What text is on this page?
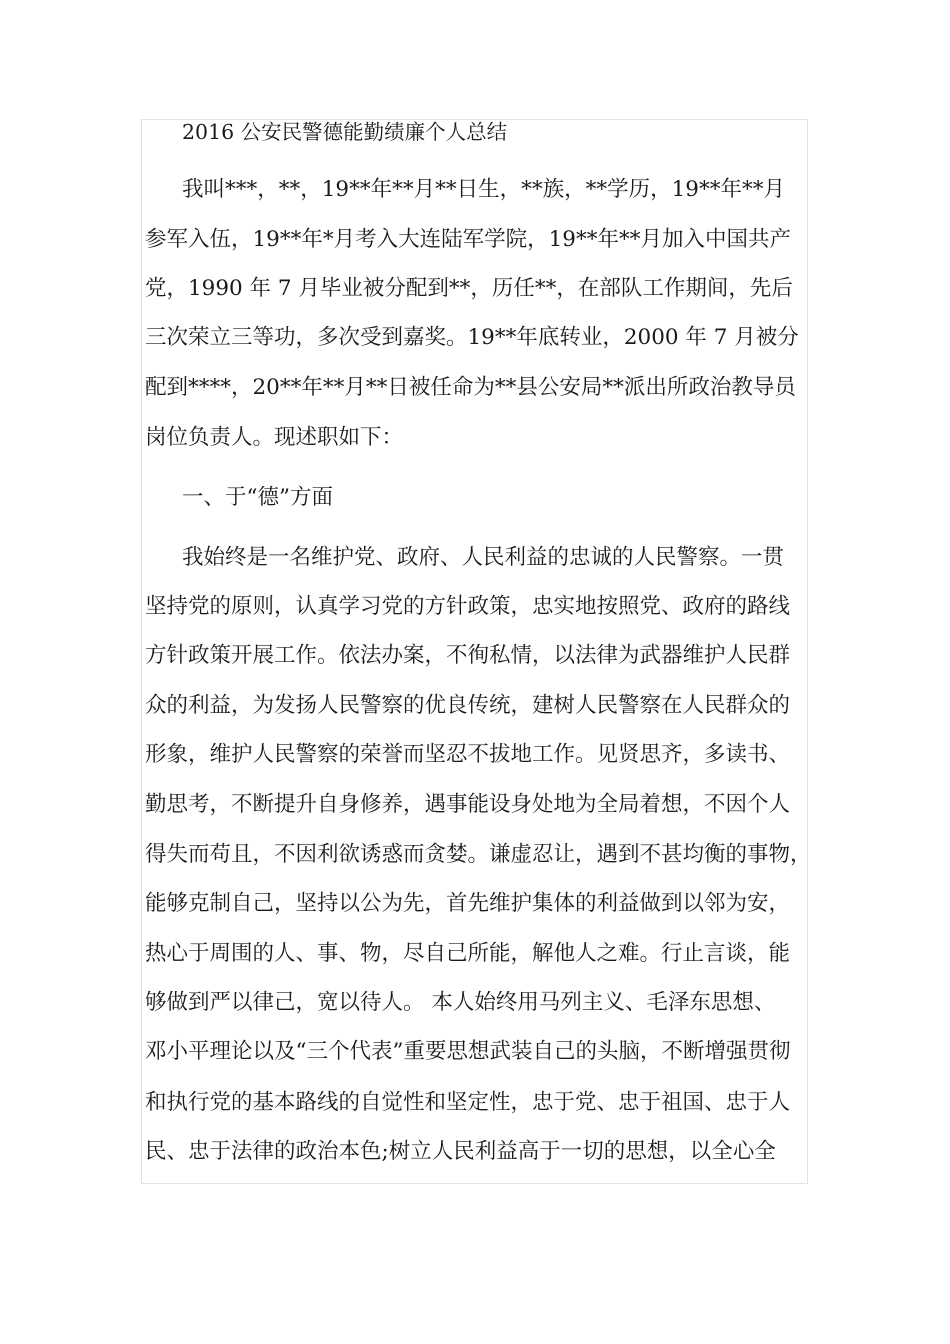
2016 公安民警德能勤绩廉个人总结
我叫***，**，19**年**月**日生，**族，**学历，19**年**月
参军入伍，19**年*月考入大连陆军学院，19**年**月加入中国共产
党，1990 年 7 月毕业被分配到**，历任**，在部队工作期间，先后
三次荣立三等功，多次受到嘉奖。19**年底转业，2000 年 7 月被分
配到****，20**年**月**日被任命为**县公安局**派出所政治教导员
岗位负责人。现述职如下：
一、于“德”方面
我始终是一名维护党、政府、人民利益的忠诚的人民警察。一贯
坚持党的原则，认真学习党的方针政策，忠实地按照党、政府的路线
方针政策开展工作。依法办案，不徇私情，以法律为武器维护人民群
众的利益，为发扬人民警察的优良传统，建树人民警察在人民群众的
形象，维护人民警察的荣誉而坚忍不拔地工作。见贤思齐，多读书、
勤思考，不断提升自身修养，遇事能设身处地为全局着想，不因个人
得失而苟且，不因利欲诱惑而贪婪。谦虚忍让，遇到不甚均衡的事物，
能够克制自己，坚持以公为先，首先维护集体的利益做到以邻为安，
热心于周围的人、事、物，尽自己所能，解他人之难。行止言谈，能
够做到严以律己，宽以待人。 本人始终用马列主义、毛泽东思想、
邓小平理论以及“三个代表”重要思想武装自己的头脑，不断增强贯彻
和执行党的基本路线的自觉性和坚定性，忠于党、忠于祖国、忠于人
民、忠于法律的政治本色;树立人民利益高于一切的思想，以全心全
